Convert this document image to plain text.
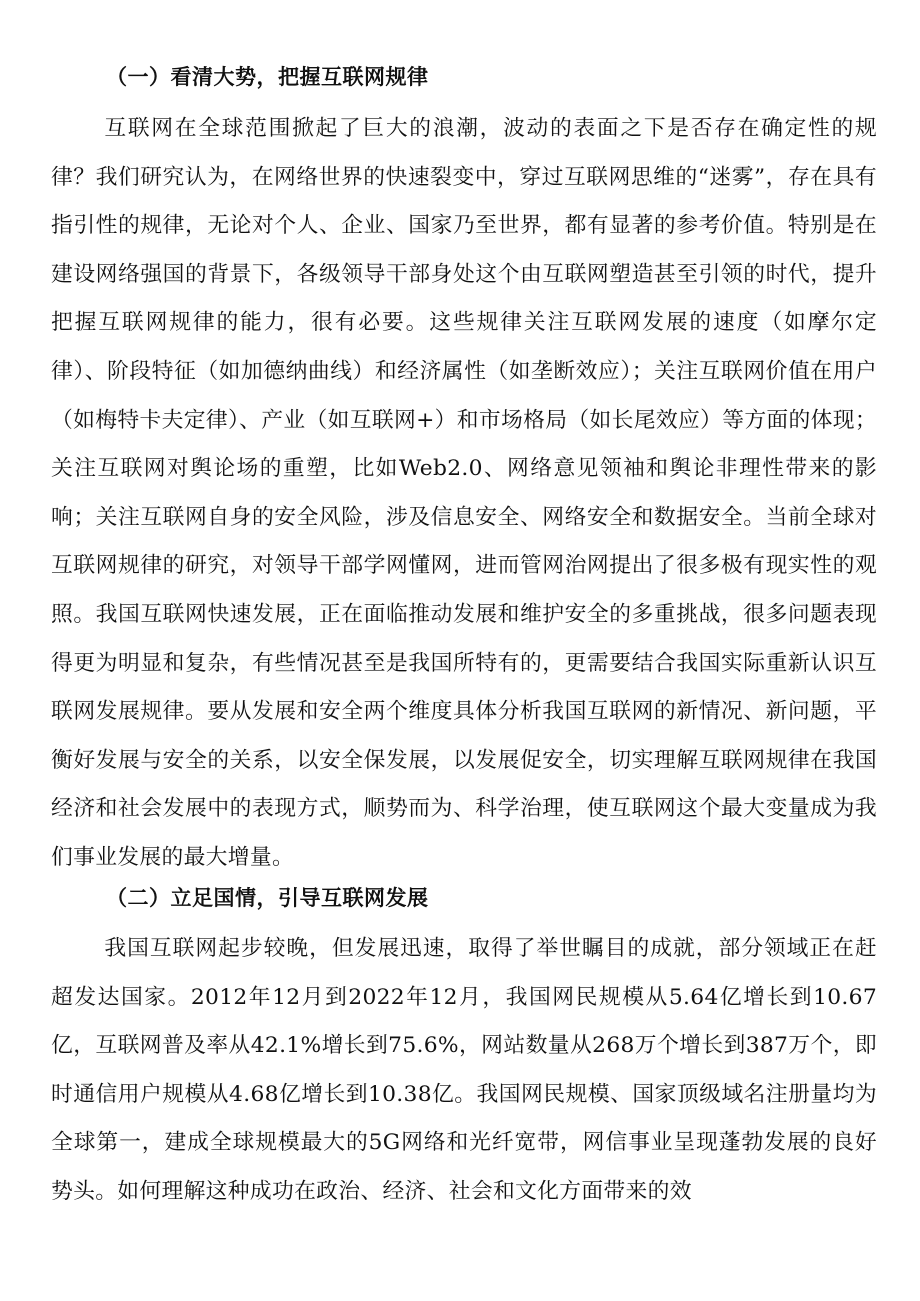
（一）看清大势，把握互联网规律
互联网在全球范围掀起了巨大的浪潮，波动的表面之下是否存在确定性的规律？我们研究认为，在网络世界的快速裂变中，穿过互联网思维的“迷雾”，存在具有指引性的规律，无论对个人、企业、国家乃至世界，都有显著的参考价值。特别是在建设网络强国的背景下，各级领导干部身处这个由互联网塑造甚至引领的时代，提升把握互联网规律的能力，很有必要。这些规律关注互联网发展的速度（如摩尔定律）、阶段特征（如加德纳曲线）和经济属性（如垄断效应）；关注互联网价值在用户（如梅特卡夫定律）、产业（如互联网+）和市场格局（如长尾效应）等方面的体现；关注互联网对舆论场的重塑，比如Web2.0、网络意见领袖和舆论非理性带来的影响；关注互联网自身的安全风险，涉及信息安全、网络安全和数据安全。当前全球对互联网规律的研究，对领导干部学网懂网，进而管网治网提出了很多极有现实性的观照。我国互联网快速发展，正在面临推动发展和维护安全的多重挑战，很多问题表现得更为明显和复杂，有些情况甚至是我国所特有的，更需要结合我国实际重新认识互联网发展规律。要从发展和安全两个维度具体分析我国互联网的新情况、新问题，平衡好发展与安全的关系，以安全保发展，以发展促安全，切实理解互联网规律在我国经济和社会发展中的表现方式，顺势而为、科学治理，使互联网这个最大变量成为我们事业发展的最大增量。
（二）立足国情，引导互联网发展
我国互联网起步较晚，但发展迅速，取得了举世瞩目的成就，部分领域正在赶超发达国家。2012年12月到2022年12月，我国网民规模从5.64亿增长到10.67亿，互联网普及率从42.1%增长到75.6%，网站数量从268万个增长到387万个，即时通信用户规模从4.68亿增长到10.38亿。我国网民规模、国家顶级域名注册量均为全球第一，建成全球规模最大的5G网络和光纤宽带，网信事业呈现蓬勃发展的良好势头。如何理解这种成功在政治、经济、社会和文化方面带来的效
